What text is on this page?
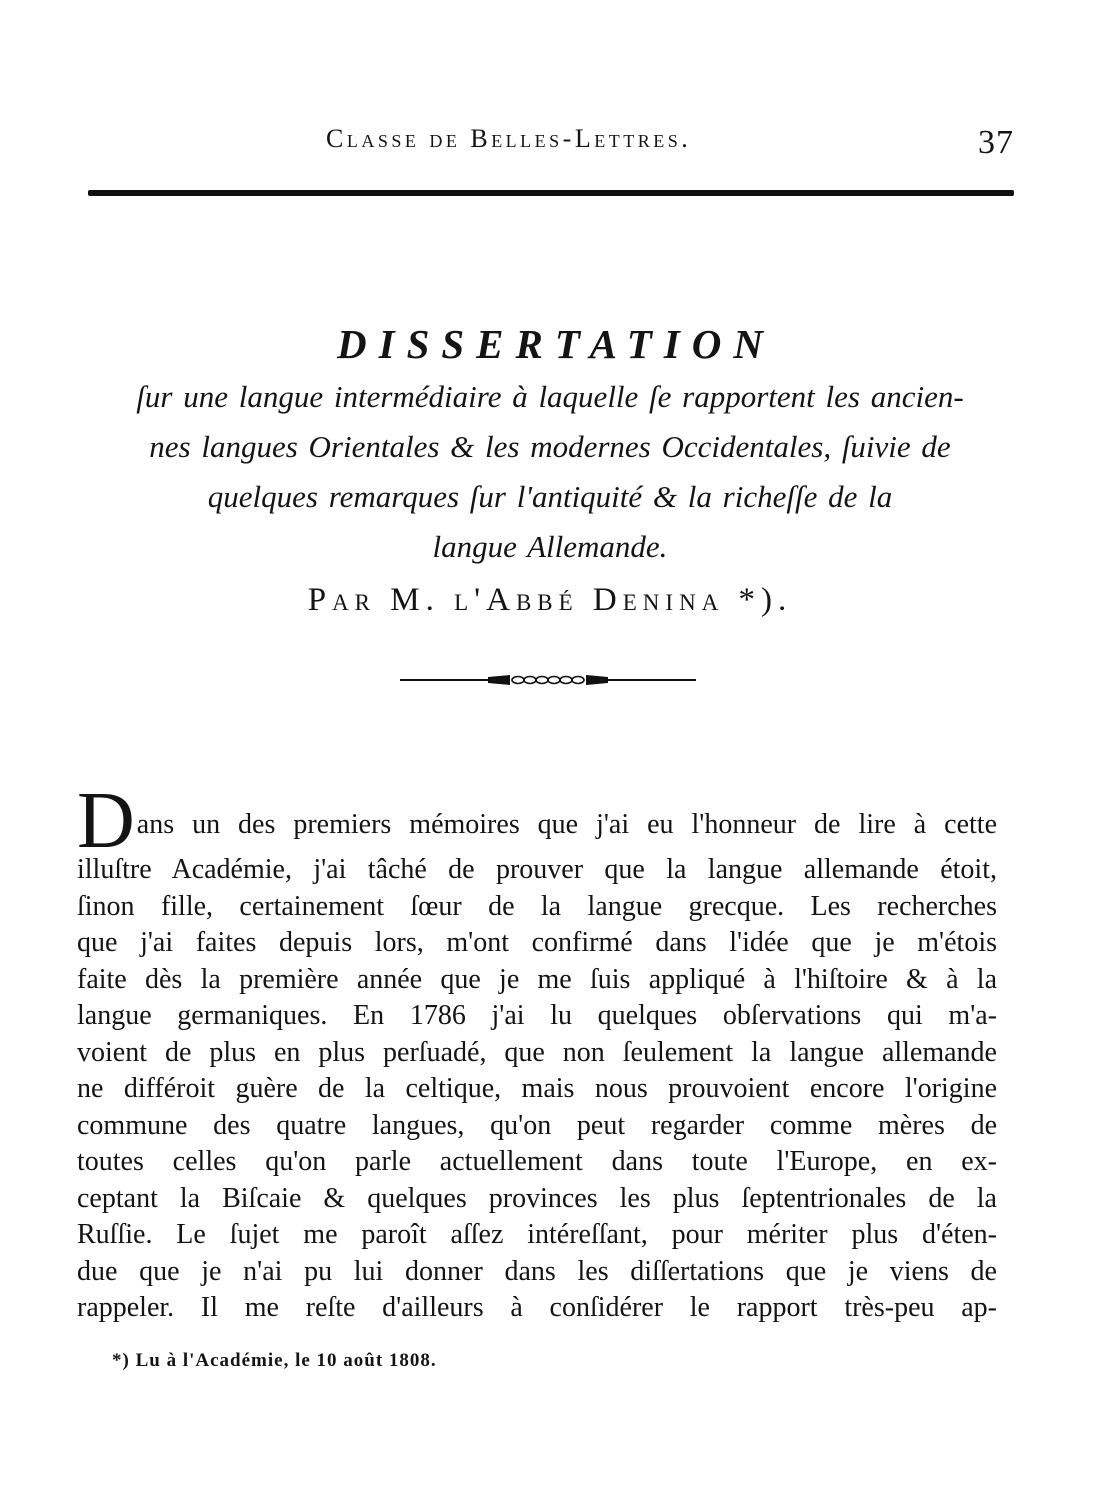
Classe de Belles-Lettres.	37
DISSERTATION

ſur une langue intermédiaire à laquelle ſe rapportent les ancien-
nes langues Orientales & les modernes Occidentales, ſuivie de
quelques remarques ſur l'antiquité & la richeſſe de la
langue Allemande.

Par M. l'Abbé Denina *).
D ans un des premiers mémoires que j'ai eu l'honneur de lire à cette
illuſtre Académie, j'ai tâché de prouver que la langue allemande étoit,
ſinon fille, certainement ſœur de la langue grecque. Les recherches
que j'ai faites depuis lors, m'ont confirmé dans l'idée que je m'étois
faite dès la première année que je me ſuis appliqué à l'hiſtoire & à la
langue germaniques. En 1786 j'ai lu quelques obſervations qui m'a-
voient de plus en plus perſuadé, que non ſeulement la langue allemande
ne différoit guère de la celtique, mais nous prouvoient encore l'origine
commune des quatre langues, qu'on peut regarder comme mères de
toutes celles qu'on parle actuellement dans toute l'Europe, en ex-
ceptant la Biſcaie & quelques provinces les plus ſeptentrionales de la
Ruſſie. Le ſujet me paroît aſſez intéreſſant, pour mériter plus d'éten-
due que je n'ai pu lui donner dans les diſſertations que je viens de
rappeler. Il me reſte d'ailleurs à conſidérer le rapport très-peu ap-
*) Lu à l'Académie, le 10 août 1808.
